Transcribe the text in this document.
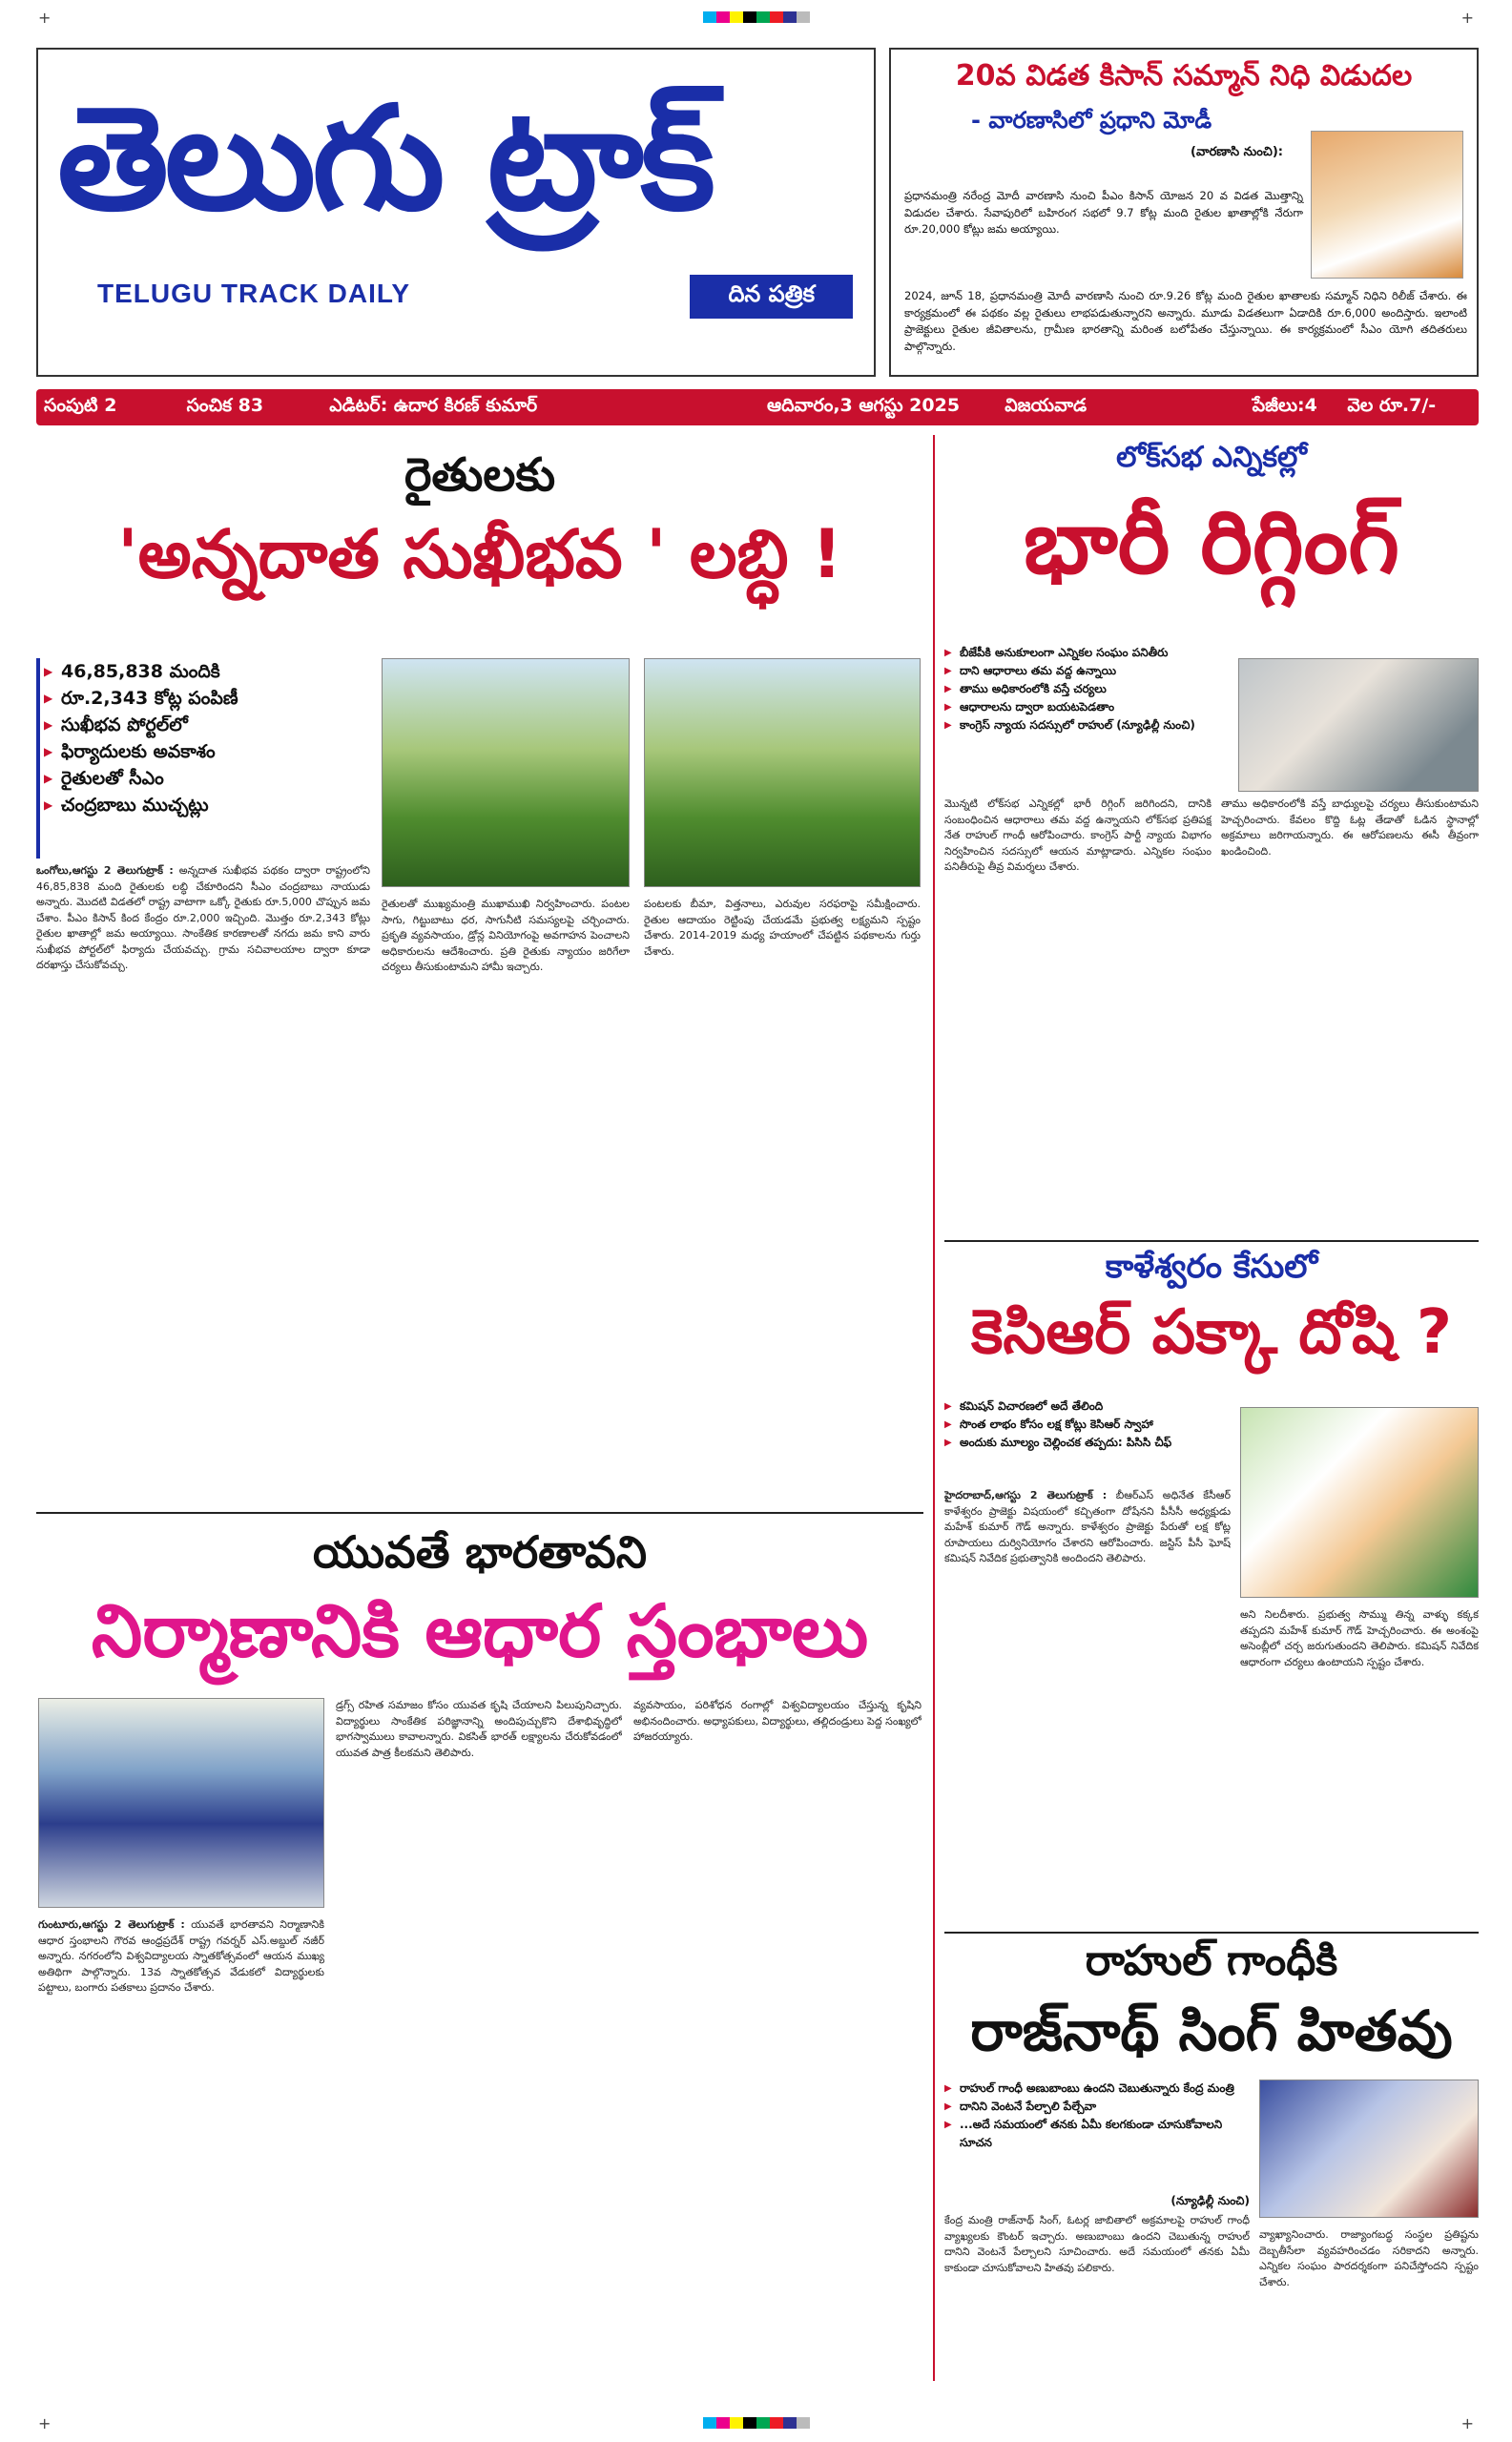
తెలుగు ట్రాక్
TELUGU TRACK DAILY	దిన పత్రిక
20వ విడత కిసాన్ సమ్మాన్ నిధి విడుదల
- వారణాసిలో ప్రధాని మోడీ
(వారణాసి నుంచి):
ప్రధానమంత్రి నరేంద్ర మోదీ వారణాసి నుంచి పీఎం కిసాన్ యోజన 20 వ విడత మొత్తాన్ని విడుదల చేశారు. సేవాపురిలో బహిరంగ సభలో 9.7 కోట్ల మంది రైతుల ఖాతాల్లోకి నేరుగా రూ.20,000 కోట్లు జమ అయ్యాయి.
2024, జూన్ 18, ప్రధానమంత్రి మోదీ వారణాసి నుంచి రూ.9.26 కోట్ల మంది రైతుల ఖాతాలకు సమ్మాన్ నిధిని రిలీజ్ చేశారు. ఈ కార్యక్రమంలో ఈ పథకం వల్ల రైతులు లాభపడుతున్నారని అన్నారు. మూడు విడతలుగా ఏడాదికి రూ.6,000 అందిస్తారు. ఇలాంటి ప్రాజెక్టులు రైతుల జీవితాలను, గ్రామీణ భారతాన్ని మరింత బలోపేతం చేస్తున్నాయి. ఈ కార్యక్రమంలో సీఎం యోగి తదితరులు పాల్గొన్నారు.
సంపుటి 2	సంచిక 83	ఎడిటర్: ఉదార కిరణ్ కుమార్	ఆదివారం,3 ఆగస్టు 2025	విజయవాడ	పేజీలు:4	వెల రూ.7/-
రైతులకు
'అన్నదాత సుఖీభవ ' లబ్ధి !
▶ 46,85,838 మందికి
▶ రూ.2,343 కోట్ల పంపిణీ
▶ సుఖీభవ పోర్టల్‌లో
▶ ఫిర్యాదులకు అవకాశం
▶ రైతులతో సీఎం
▶ చంద్రబాబు ముచ్చట్లు
ఒంగోలు,ఆగస్టు 2 తెలుగుట్రాక్ : అన్నదాత సుఖీభవ పథకం ద్వారా రాష్ట్రంలోని 46,85,838 మంది రైతులకు లబ్ధి చేకూరిందని సీఎం చంద్రబాబు నాయుడు అన్నారు. మొదటి విడతలో రాష్ట్ర వాటాగా ఒక్కో రైతుకు రూ.5,000 చొప్పున జమ చేశాం. పీఎం కిసాన్ కింద కేంద్రం రూ.2,000 ఇచ్చింది. మొత్తం రూ.2,343 కోట్లు రైతుల ఖాతాల్లో జమ అయ్యాయి. సాంకేతిక కారణాలతో నగదు జమ కాని వారు సుఖీభవ పోర్టల్‌లో ఫిర్యాదు చేయవచ్చు. గ్రామ సచివాలయాల ద్వారా కూడా దరఖాస్తు చేసుకోవచ్చు.
రైతులతో ముఖ్యమంత్రి ముఖాముఖి నిర్వహించారు. పంటల సాగు, గిట్టుబాటు ధర, సాగునీటి సమస్యలపై చర్చించారు. ప్రకృతి వ్యవసాయం, డ్రోన్ల వినియోగంపై అవగాహన పెంచాలని అధికారులను ఆదేశించారు. ప్రతి రైతుకు న్యాయం జరిగేలా చర్యలు తీసుకుంటామని హామీ ఇచ్చారు.
పంటలకు బీమా, విత్తనాలు, ఎరువుల సరఫరాపై సమీక్షించారు. రైతుల ఆదాయం రెట్టింపు చేయడమే ప్రభుత్వ లక్ష్యమని స్పష్టం చేశారు. 2014-2019 మధ్య హయాంలో చేపట్టిన పథకాలను గుర్తు చేశారు.
యువతే భారతావని
నిర్మాణానికి ఆధార స్తంభాలు
గుంటూరు,ఆగస్టు 2 తెలుగుట్రాక్ : యువతే భారతావని నిర్మాణానికి ఆధార స్తంభాలని గౌరవ ఆంధ్రప్రదేశ్ రాష్ట్ర గవర్నర్ ఎస్.అబ్దుల్ నజీర్ అన్నారు. నగరంలోని విశ్వవిద్యాలయ స్నాతకోత్సవంలో ఆయన ముఖ్య అతిథిగా పాల్గొన్నారు. 13వ స్నాతకోత్సవ వేడుకలో విద్యార్థులకు పట్టాలు, బంగారు పతకాలు ప్రదానం చేశారు.
డ్రగ్స్ రహిత సమాజం కోసం యువత కృషి చేయాలని పిలుపునిచ్చారు. విద్యార్థులు సాంకేతిక పరిజ్ఞానాన్ని అందిపుచ్చుకొని దేశాభివృద్ధిలో భాగస్వాములు కావాలన్నారు. వికసిత్ భారత్ లక్ష్యాలను చేరుకోవడంలో యువత పాత్ర కీలకమని తెలిపారు.
వ్యవసాయం, పరిశోధన రంగాల్లో విశ్వవిద్యాలయం చేస్తున్న కృషిని అభినందించారు. అధ్యాపకులు, విద్యార్థులు, తల్లిదండ్రులు పెద్ద సంఖ్యలో హాజరయ్యారు.
లోక్‌సభ ఎన్నికల్లో
భారీ రిగ్గింగ్
▶ బీజేపీకి అనుకూలంగా ఎన్నికల సంఘం పనితీరు
▶ దాని ఆధారాలు తమ వద్ద ఉన్నాయి
▶ తాము అధికారంలోకి వస్తే చర్యలు
▶ ఆధారాలను ద్వారా బయటపెడతాం
▶ కాంగ్రెస్ న్యాయ సదస్సులో రాహుల్ (న్యూఢిల్లీ నుంచి)
మొన్నటి లోక్‌సభ ఎన్నికల్లో భారీ రిగ్గింగ్ జరిగిందని, దానికి సంబంధించిన ఆధారాలు తమ వద్ద ఉన్నాయని లోక్‌సభ ప్రతిపక్ష నేత రాహుల్ గాంధీ ఆరోపించారు. కాంగ్రెస్ పార్టీ న్యాయ విభాగం నిర్వహించిన సదస్సులో ఆయన మాట్లాడారు. ఎన్నికల సంఘం పనితీరుపై తీవ్ర విమర్శలు చేశారు.
తాము అధికారంలోకి వస్తే బాధ్యులపై చర్యలు తీసుకుంటామని హెచ్చరించారు. కేవలం కొద్ది ఓట్ల తేడాతో ఓడిన స్థానాల్లో అక్రమాలు జరిగాయన్నారు. ఈ ఆరోపణలను ఈసీ తీవ్రంగా ఖండించింది.
కాళేశ్వరం కేసులో
కెసిఆర్ పక్కా దోషి ?
▶ కమిషన్ విచారణలో అదే తేలింది
▶ సొంత లాభం కోసం లక్ష కోట్లు కెసిఆర్ స్వాహా
▶ అందుకు మూల్యం చెల్లించక తప్పదు: పిసిసి చీఫ్
హైదరాబాద్,ఆగస్టు 2 తెలుగుట్రాక్ : బీఆర్ఎస్ అధినేత కేసీఆర్ కాళేశ్వరం ప్రాజెక్టు విషయంలో కచ్చితంగా దోషేనని పీసీసీ అధ్యక్షుడు మహేశ్ కుమార్ గౌడ్ అన్నారు. కాళేశ్వరం ప్రాజెక్టు పేరుతో లక్ష కోట్ల రూపాయలు దుర్వినియోగం చేశారని ఆరోపించారు. జస్టిస్ పీసీ ఘోష్ కమిషన్ నివేదిక ప్రభుత్వానికి అందిందని తెలిపారు.
అని నిలదీశారు. ప్రభుత్వ సొమ్ము తిన్న వాళ్ళు కక్కక తప్పదని మహేశ్ కుమార్ గౌడ్ హెచ్చరించారు. ఈ అంశంపై అసెంబ్లీలో చర్చ జరుగుతుందని తెలిపారు. కమిషన్ నివేదిక ఆధారంగా చర్యలు ఉంటాయని స్పష్టం చేశారు.
రాహుల్ గాంధీకి
రాజ్‌నాథ్ సింగ్ హితవు
▶ రాహుల్ గాంధీ అణుబాంబు ఉందని చెబుతున్నారు కేంద్ర మంత్రి
▶ దానిని వెంటనే పేల్చాలి పేల్చేవా
▶ ...అదే సమయంలో తనకు ఏమీ కలగకుండా చూసుకోవాలని సూచన
(న్యూఢిల్లీ నుంచి)
కేంద్ర మంత్రి రాజ్‌నాథ్ సింగ్, ఓటర్ల జాబితాలో అక్రమాలపై రాహుల్ గాంధీ వ్యాఖ్యలకు కౌంటర్ ఇచ్చారు. అణుబాంబు ఉందని చెబుతున్న రాహుల్ దానిని వెంటనే పేల్చాలని సూచించారు. అదే సమయంలో తనకు ఏమీ కాకుండా చూసుకోవాలని హితవు పలికారు.
వ్యాఖ్యానించారు. రాజ్యాంగబద్ధ సంస్థల ప్రతిష్టను దెబ్బతీసేలా వ్యవహరించడం సరికాదని అన్నారు. ఎన్నికల సంఘం పారదర్శకంగా పనిచేస్తోందని స్పష్టం చేశారు.
+	+
+	+
